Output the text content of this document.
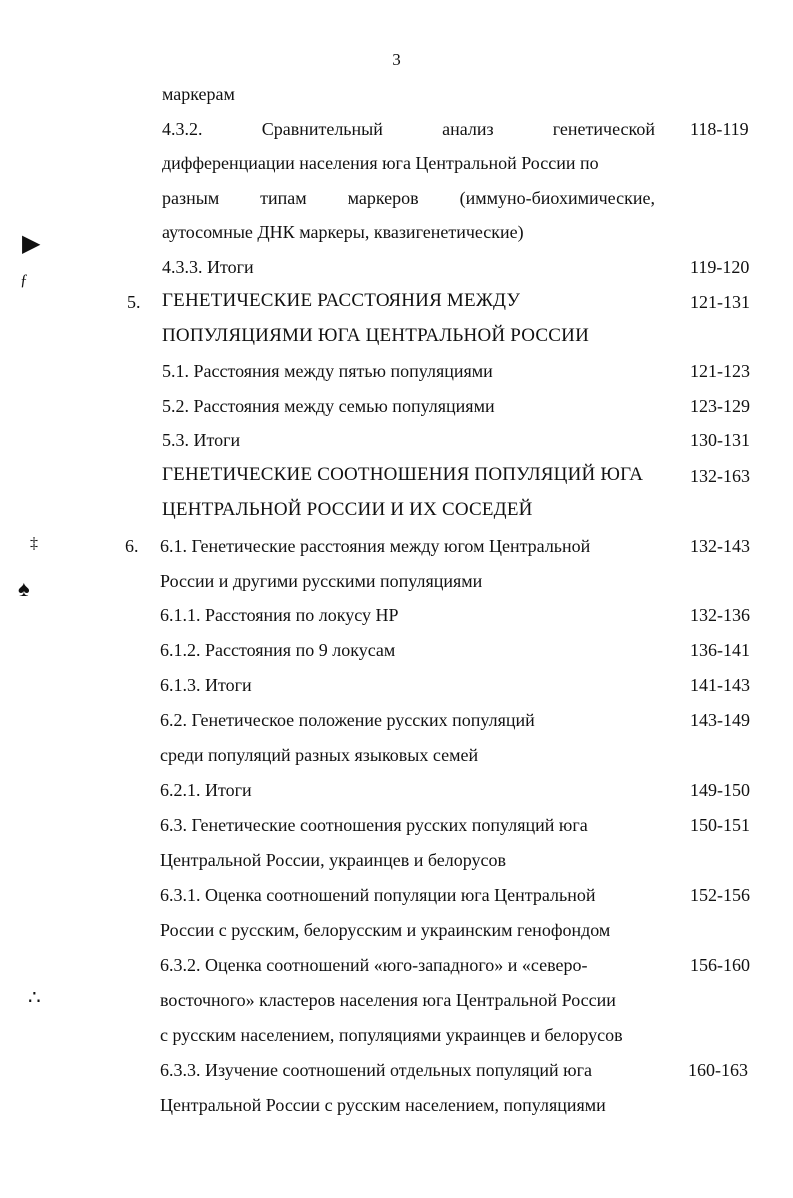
3
▶
ƒ
‡
♠
∴
маркерам
4.3.2.	Сравнительный	анализ	генетической 118-119
дифференциации населения юга Центральной России по
разным типам маркеров (иммуно-биохимические,
аутосомные ДНК маркеры, квазигенетические)
4.3.3. Итоги	119-120
5. ГЕНЕТИЧЕСКИЕ РАССТОЯНИЯ МЕЖДУ	121-131
ПОПУЛЯЦИЯМИ ЮГА ЦЕНТРАЛЬНОЙ РОССИИ
5.1. Расстояния между пятью популяциями	121-123
5.2. Расстояния между семью популяциями	123-129
5.3. Итоги	130-131
ГЕНЕТИЧЕСКИЕ СООТНОШЕНИЯ ПОПУЛЯЦИЙ ЮГА	132-163
ЦЕНТРАЛЬНОЙ РОССИИ И ИХ СОСЕДЕЙ
6. 6.1. Генетические расстояния между югом Центральной	132-143
России и другими русскими популяциями
6.1.1. Расстояния по локусу HP	132-136
6.1.2. Расстояния по 9 локусам	136-141
6.1.3. Итоги	141-143
6.2. Генетическое положение русских популяций	143-149
среди популяций разных языковых семей
6.2.1. Итоги	149-150
6.3. Генетические соотношения русских популяций юга	150-151
Центральной России, украинцев и белорусов
6.3.1. Оценка соотношений популяции юга Центральной	152-156
России с русским, белорусским и украинским генофондом
6.3.2. Оценка соотношений «юго-западного» и «северо-	156-160
восточного» кластеров населения юга Центральной России
с русским населением, популяциями украинцев и белорусов
6.3.3. Изучение соотношений отдельных популяций юга	160-163
Центральной России с русским населением, популяциями
